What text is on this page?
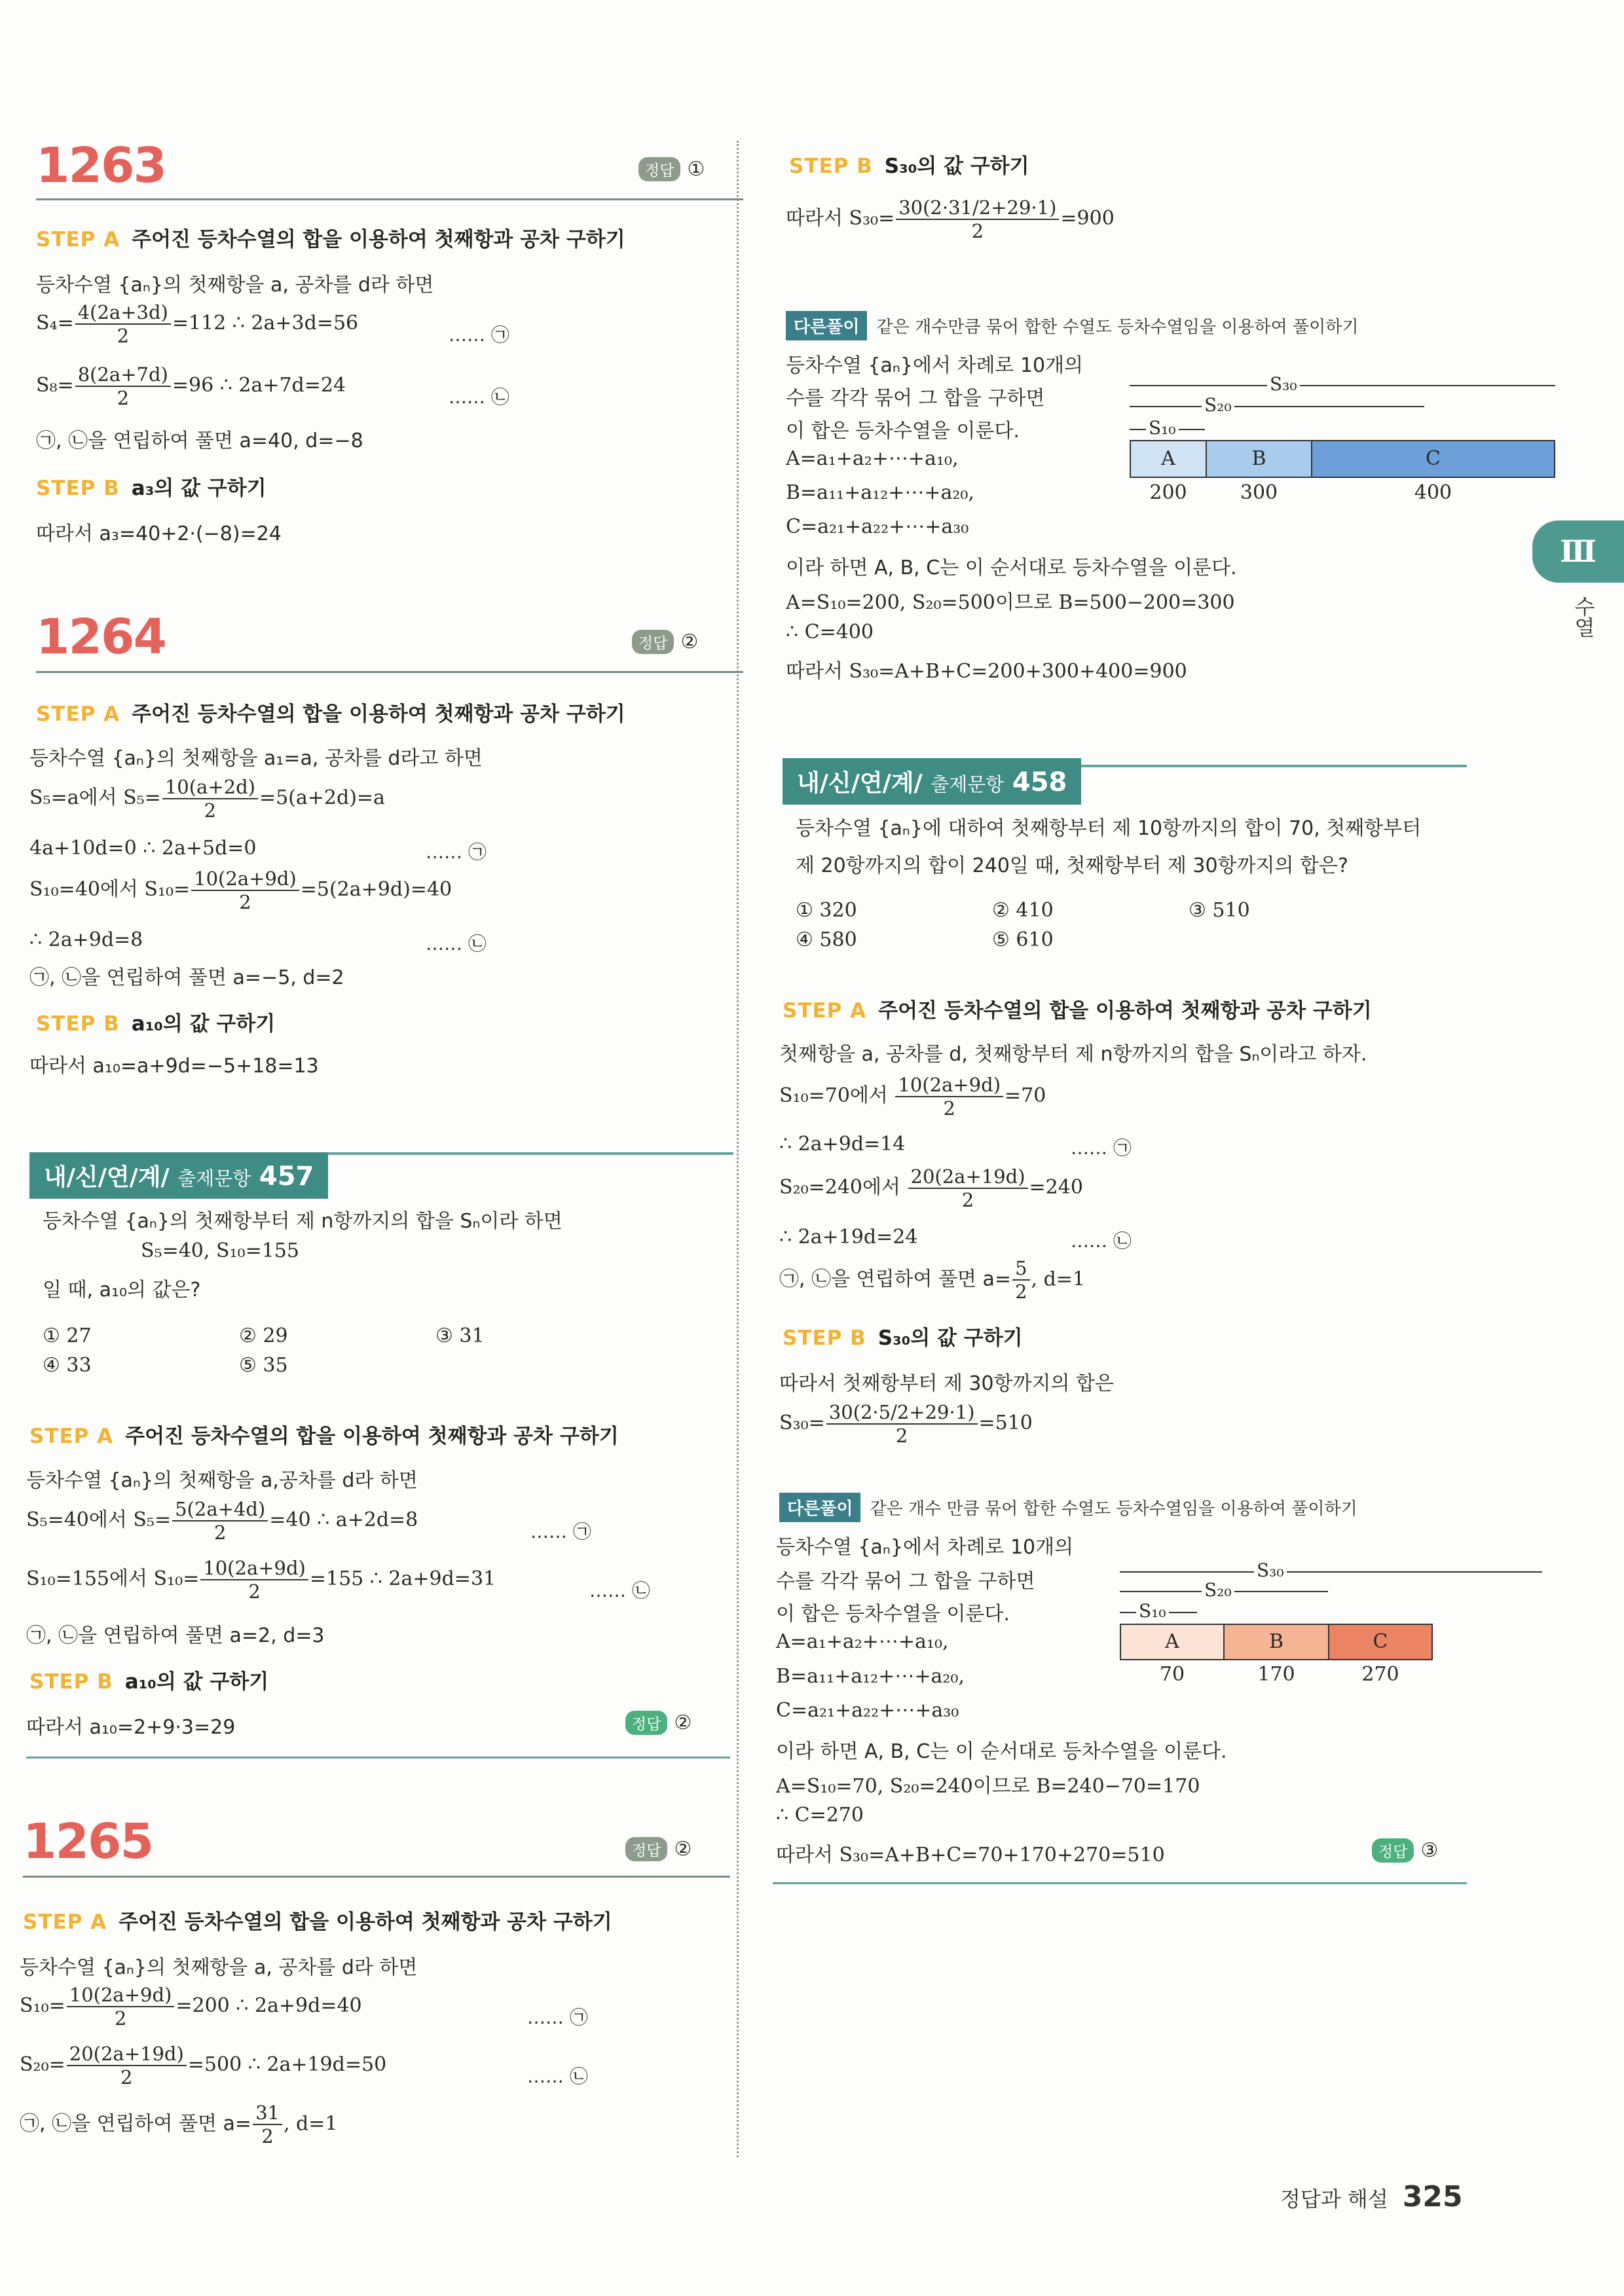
1263	정답 ①
STEP A 주어진 등차수열의 합을 이용하여 첫째항과 공차 구하기
등차수열 {aₙ}의 첫째항을 a, 공차를 d라 하면
$S_4= \frac{4(2a+3d)}{2} =112$ ∴ 2a+3d=56
…… ㉠
$S_8= \frac{8(2a+7d)}{2} =96$ ∴ 2a+7d=24
…… ㉡
㉠, ㉡을 연립하여 풀면 a=40, d=−8
STEP B a₃의 값 구하기
따라서 a₃=40+2·(−8)=24
1264	정답 ②
STEP A 주어진 등차수열의 합을 이용하여 첫째항과 공차 구하기
등차수열 {aₙ}의 첫째항을 a₁=a, 공차를 d라고 하면
S₅=a에서 $S_5= \frac{10(a+2d)}{2} =5(a+2d)=a$
4a+10d=0 ∴ 2a+5d=0	…… ㉠
S₁₀=40에서 $S_{10}= \frac{10(2a+9d)}{2} =5(2a+9d)=40$
∴ 2a+9d=8	…… ㉡
㉠, ㉡을 연립하여 풀면 a=−5, d=2
STEP B a₁₀의 값 구하기
따라서 a₁₀=a+9d=−5+18=13
내/신/연/계/ 출제문항 457
등차수열 {aₙ}의 첫째항부터 제 n항까지의 합을 Sₙ이라 하면
S₅=40, S₁₀=155
일 때, a₁₀의 값은?
① 27	② 29	③ 31
④ 33	⑤ 35
STEP A 주어진 등차수열의 합을 이용하여 첫째항과 공차 구하기
등차수열 {aₙ}의 첫째항을 a,공차를 d라 하면
S₅=40에서 $S_5= \frac{5(2a+4d)}{2} =40$ ∴ a+2d=8
…… ㉠
S₁₀=155에서 $S_{10}= \frac{10(2a+9d)}{2} =155$ ∴ 2a+9d=31
…… ㉡
㉠, ㉡을 연립하여 풀면 a=2, d=3
STEP B a₁₀의 값 구하기
따라서 a₁₀=2+9·3=29	정답 ②
1265	정답 ②
STEP A 주어진 등차수열의 합을 이용하여 첫째항과 공차 구하기
등차수열 {aₙ}의 첫째항을 a, 공차를 d라 하면
$S_{10}= \frac{10(2a+9d)}{2} =200$ ∴ 2a+9d=40
…… ㉠
$S_{20}= \frac{20(2a+19d)}{2} =500$ ∴ 2a+19d=50
…… ㉡
㉠, ㉡을 연립하여 풀면 $a= \frac{31}{2}$ , d=1
STEP B S₃₀의 값 구하기
따라서 $S_{30}= \frac{30(2\cdot 31/2+29\cdot 1)}{2} =900$
다른풀이 같은 개수만큼 묶어 합한 수열도 등차수열임을 이용하여 풀이하기
등차수열 {aₙ}에서 차례로 10개의
수를 각각 묶어 그 합을 구하면
이 합은 등차수열을 이룬다.
A=a₁+a₂+⋯+a₁₀,
B=a₁₁+a₁₂+⋯+a₂₀,
C=a₂₁+a₂₂+⋯+a₃₀
이라 하면 A, B, C는 이 순서대로 등차수열을 이룬다.
A=S₁₀=200, S₂₀=500이므로 B=500−200=300
∴ C=400
따라서 S₃₀=A+B+C=200+300+400=900
S₃₀
S₂₀
S₁₀
A	B	C
200	300	400
내/신/연/계/ 출제문항 458
등차수열 {aₙ}에 대하여 첫째항부터 제 10항까지의 합이 70, 첫째항부터
제 20항까지의 합이 240일 때, 첫째항부터 제 30항까지의 합은?
① 320	② 410	③ 510
④ 580	⑤ 610
STEP A 주어진 등차수열의 합을 이용하여 첫째항과 공차 구하기
첫째항을 a, 공차를 d, 첫째항부터 제 n항까지의 합을 Sₙ이라고 하자.
S₁₀=70에서 $\frac{10(2a+9d)}{2} =70$
∴ 2a+9d=14	…… ㉠
S₂₀=240에서 $\frac{20(2a+19d)}{2} =240$
∴ 2a+19d=24	…… ㉡
㉠, ㉡을 연립하여 풀면 $a= \frac{5}{2}$ , d=1
STEP B S₃₀의 값 구하기
따라서 첫째항부터 제 30항까지의 합은
$S_{30}= \frac{30(2\cdot 5/2+29\cdot 1)}{2} =510$
다른풀이 같은 개수 만큼 묶어 합한 수열도 등차수열임을 이용하여 풀이하기
등차수열 {aₙ}에서 차례로 10개의
수를 각각 묶어 그 합을 구하면
이 합은 등차수열을 이룬다.
A=a₁+a₂+⋯+a₁₀,
B=a₁₁+a₁₂+⋯+a₂₀,
C=a₂₁+a₂₂+⋯+a₃₀
이라 하면 A, B, C는 이 순서대로 등차수열을 이룬다.
A=S₁₀=70, S₂₀=240이므로 B=240−70=170
∴ C=270
따라서 S₃₀=A+B+C=70+170+270=510	정답 ③
S₃₀
S₂₀
S₁₀
A	B	C
70	170	270
Ⅲ
수열
정답과 해설 325
